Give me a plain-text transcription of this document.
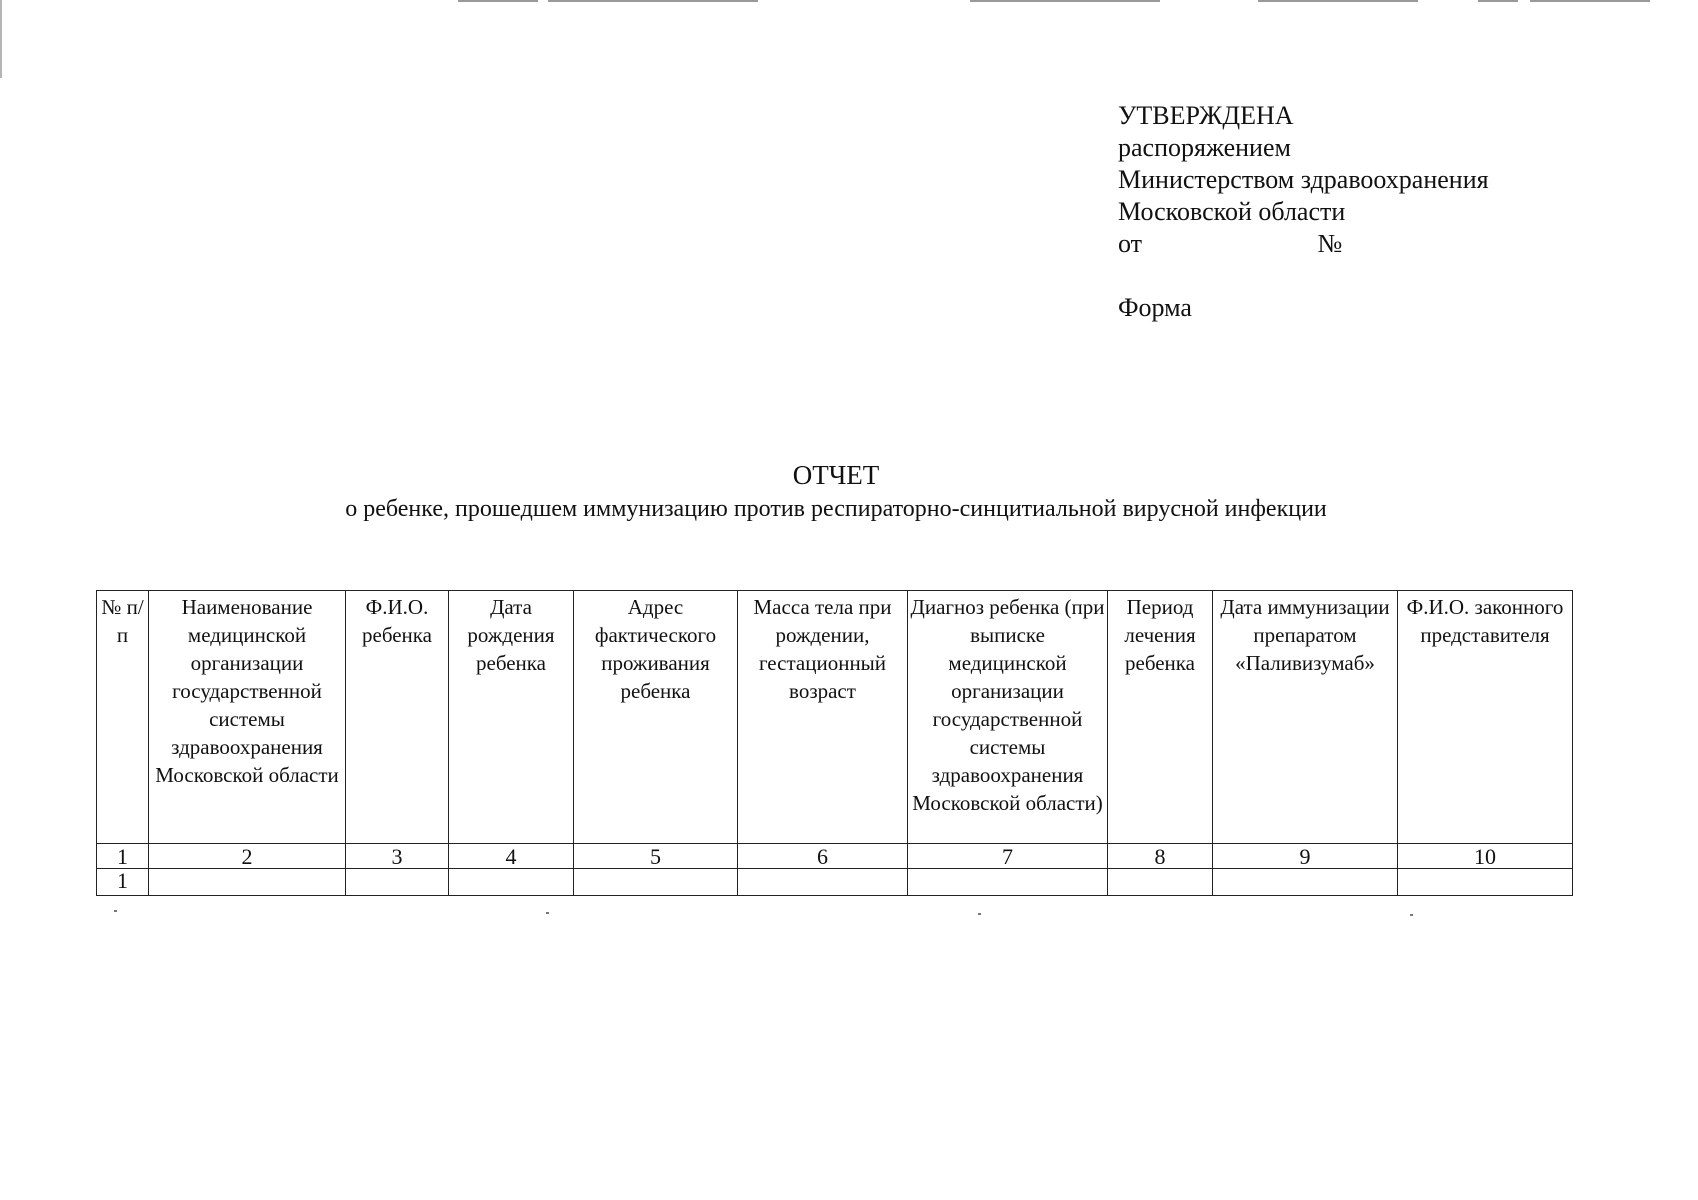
УТВЕРЖДЕНА
распоряжением
Министерством здравоохранения
Московской области
от                           №
Форма
ОТЧЕТ
о ребенке, прошедшем иммунизацию против респираторно-синцитиальной вирусной инфекции
№ п/п	Наименование медицинской организации государственной системы здравоохранения Московской области	Ф.И.О. ребенка	Дата рождения ребенка	Адрес фактического проживания ребенка	Масса тела при рождении, гестационный возраст	Диагноз ребенка (при выписке медицинской организации государственной системы здравоохранения Московской области)	Период лечения ребенка	Дата иммунизации препаратом «Паливизумаб»	Ф.И.О. законного представителя
1	2	3	4	5	6	7	8	9	10
1									
